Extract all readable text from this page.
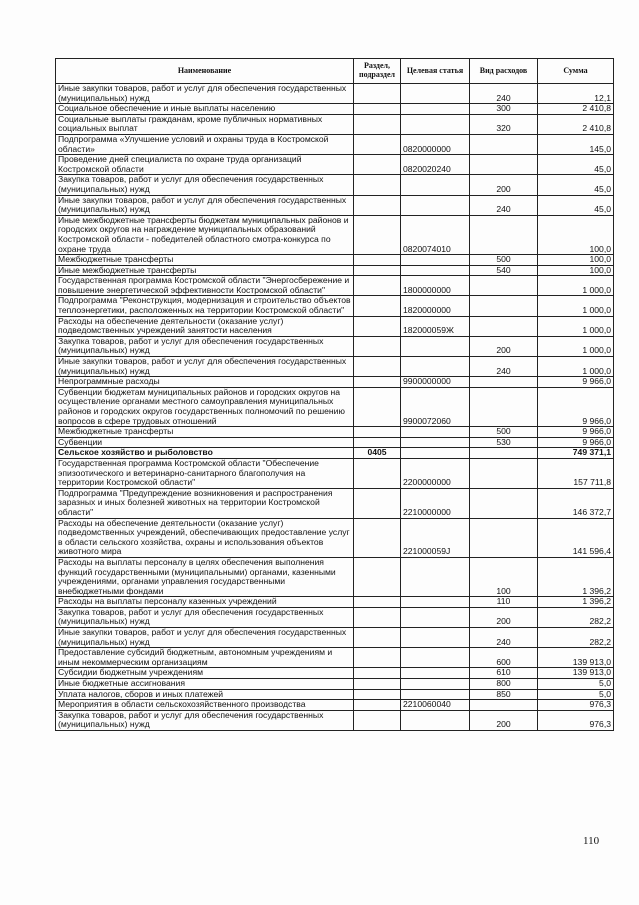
Наименование	Раздел, подраздел	Целевая статья	Вид расходов	Сумма
Иные закупки товаров, работ и услуг для обеспечения государственных (муниципальных) нужд			240	12,1
Социальное обеспечение и иные выплаты населению			300	2 410,8
Социальные выплаты гражданам, кроме публичных нормативных социальных выплат			320	2 410,8
Подпрограмма «Улучшение условий и охраны труда в Костромской области»		0820000000		145,0
Проведение дней специалиста по охране труда организаций Костромской области		0820020240		45,0
Закупка товаров, работ и услуг для обеспечения государственных (муниципальных) нужд			200	45,0
Иные закупки товаров, работ и услуг для обеспечения государственных (муниципальных) нужд			240	45,0
Иные межбюджетные трансферты бюджетам муниципальных районов и городских округов на награждение муниципальных образований Костромской области - победителей областного смотра-конкурса по охране труда		0820074010		100,0
Межбюджетные трансферты			500	100,0
Иные межбюджетные трансферты			540	100,0
Государственная программа Костромской области "Энергосбережение и повышение энергетической эффективности Костромской области"		1800000000		1 000,0
Подпрограмма "Реконструкция, модернизация и строительство объектов теплоэнергетики, расположенных на территории Костромской области"		1820000000		1 000,0
Расходы на обеспечение деятельности (оказание услуг) подведомственных учреждений занятости населения		182000059Ж		1 000,0
Закупка товаров, работ и услуг для обеспечения государственных (муниципальных) нужд			200	1 000,0
Иные закупки товаров, работ и услуг для обеспечения государственных (муниципальных) нужд			240	1 000,0
Непрограммные расходы		9900000000		9 966,0
Субвенции бюджетам муниципальных районов и городских округов на осуществление органами местного самоуправления муниципальных районов и городских округов государственных полномочий по решению вопросов в сфере трудовых отношений		9900072060		9 966,0
Межбюджетные трансферты			500	9 966,0
Субвенции			530	9 966,0
Сельское хозяйство и рыболовство	0405			749 371,1
Государственная программа Костромской области "Обеспечение эпизоотического и ветеринарно-санитарного благополучия на территории Костромской области"		2200000000		157 711,8
Подпрограмма "Предупреждение возникновения и распространения заразных и иных болезней животных на территории Костромской области"		2210000000		146 372,7
Расходы на обеспечение деятельности (оказание услуг) подведомственных учреждений, обеспечивающих предоставление услуг в области сельского хозяйства, охраны и использования объектов животного мира		221000059J		141 596,4
Расходы на выплаты персоналу в целях обеспечения выполнения функций государственными (муниципальными) органами, казенными учреждениями, органами управления государственными внебюджетными фондами			100	1 396,2
Расходы на выплаты персоналу казенных учреждений			110	1 396,2
Закупка товаров, работ и услуг для обеспечения государственных (муниципальных) нужд			200	282,2
Иные закупки товаров, работ и услуг для обеспечения государственных (муниципальных) нужд			240	282,2
Предоставление субсидий бюджетным, автономным учреждениям и иным некоммерческим организациям			600	139 913,0
Субсидии бюджетным учреждениям			610	139 913,0
Иные бюджетные ассигнования			800	5,0
Уплата налогов, сборов и иных платежей			850	5,0
Мероприятия в области сельскохозяйственного производства		2210060040		976,3
Закупка товаров, работ и услуг для обеспечения государственных (муниципальных) нужд			200	976,3
110
